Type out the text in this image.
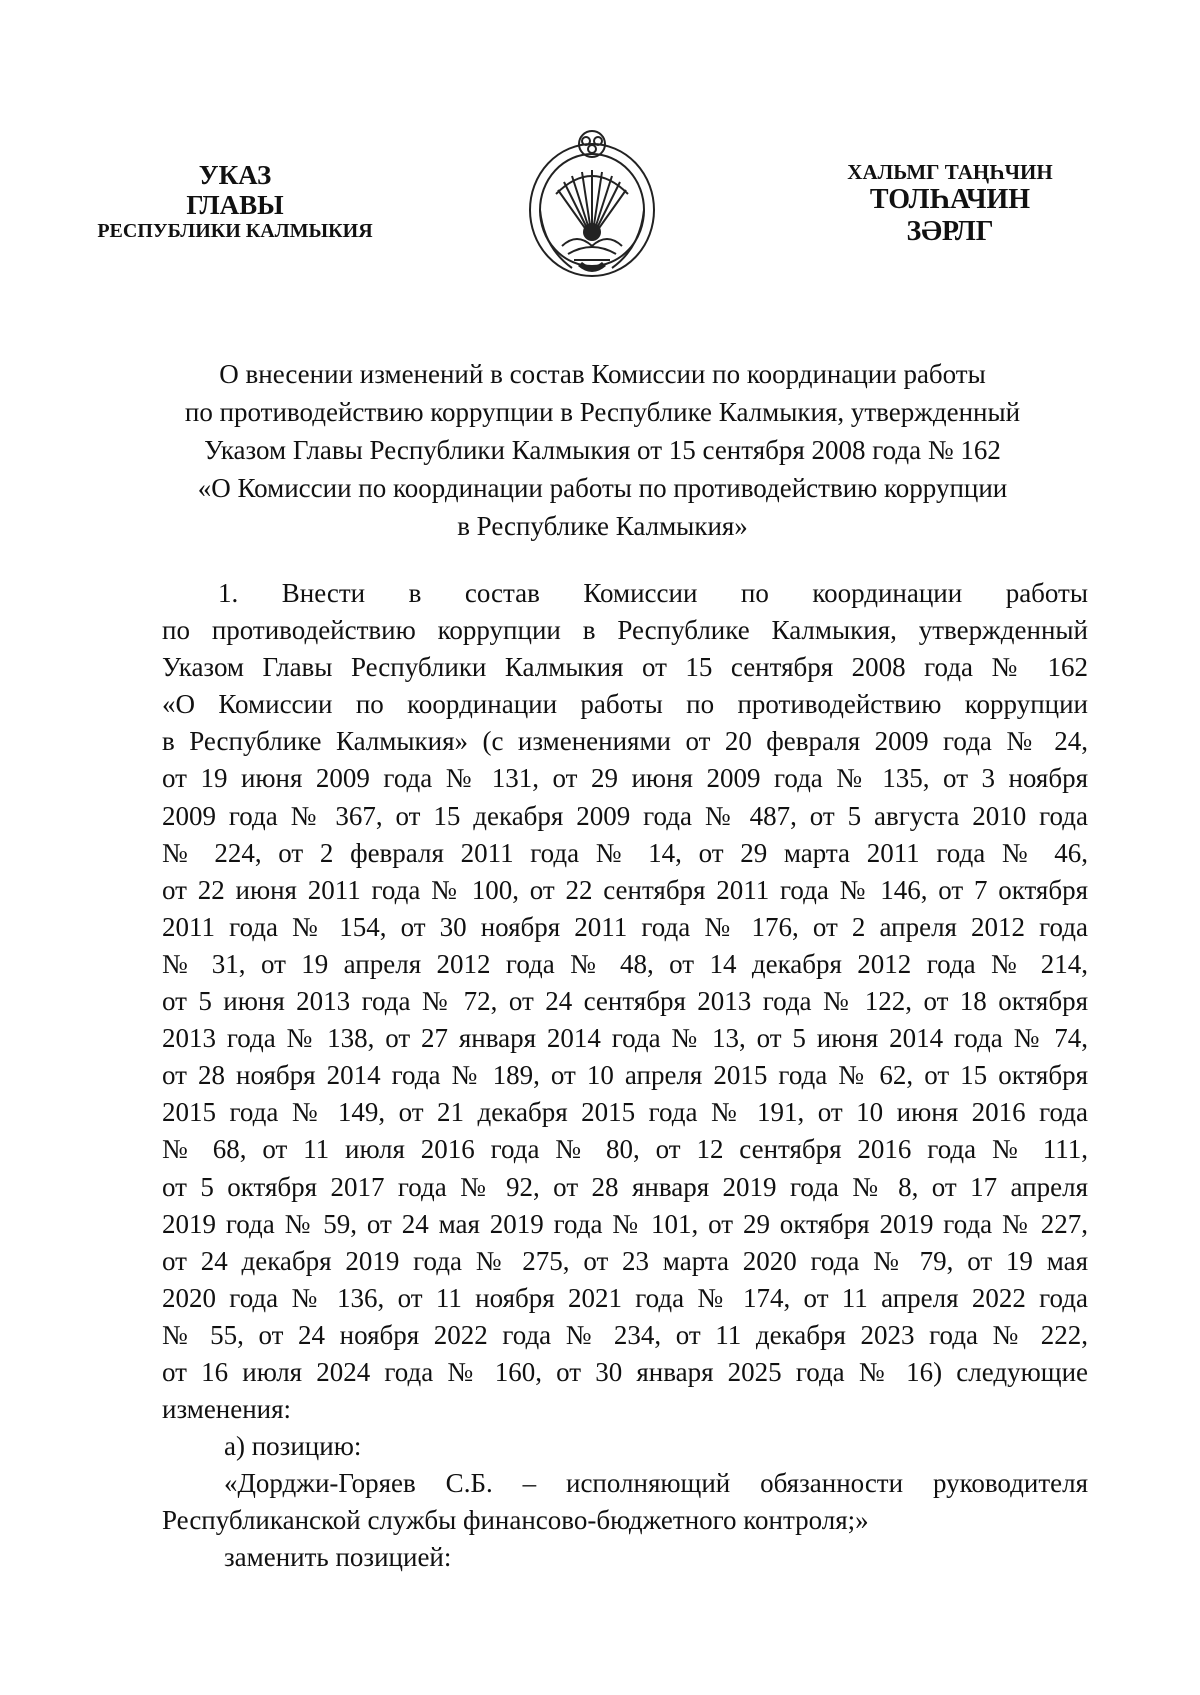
УКАЗ
ГЛАВЫ
РЕСПУБЛИКИ КАЛМЫКИЯ
ХАЛЬМГ ТАҢҺЧИН
ТОЛҺАЧИН
ЗӘРЛГ
О внесении изменений в состав Комиссии по координации работы
по противодействию коррупции в Республике Калмыкия, утвержденный
Указом Главы Республики Калмыкия от 15 сентября 2008 года № 162
«О Комиссии по координации работы по противодействию коррупции
в Республике Калмыкия»
1. Внести в состав Комиссии по координации работы
по противодействию коррупции в Республике Калмыкия, утвержденный
Указом Главы Республики Калмыкия от 15 сентября 2008 года № 162
«О Комиссии по координации работы по противодействию коррупции
в Республике Калмыкия» (с изменениями от 20 февраля 2009 года № 24,
от 19 июня 2009 года № 131, от 29 июня 2009 года № 135, от 3 ноября
2009 года № 367, от 15 декабря 2009 года № 487, от 5 августа 2010 года
№ 224, от 2 февраля 2011 года № 14, от 29 марта 2011 года № 46,
от 22 июня 2011 года № 100, от 22 сентября 2011 года № 146, от 7 октября
2011 года № 154, от 30 ноября 2011 года № 176, от 2 апреля 2012 года
№ 31, от 19 апреля 2012 года № 48, от 14 декабря 2012 года № 214,
от 5 июня 2013 года № 72, от 24 сентября 2013 года № 122, от 18 октября
2013 года № 138, от 27 января 2014 года № 13, от 5 июня 2014 года № 74,
от 28 ноября 2014 года № 189, от 10 апреля 2015 года № 62, от 15 октября
2015 года № 149, от 21 декабря 2015 года № 191, от 10 июня 2016 года
№ 68, от 11 июля 2016 года № 80, от 12 сентября 2016 года № 111,
от 5 октября 2017 года № 92, от 28 января 2019 года № 8, от 17 апреля
2019 года № 59, от 24 мая 2019 года № 101, от 29 октября 2019 года № 227,
от 24 декабря 2019 года № 275, от 23 марта 2020 года № 79, от 19 мая
2020 года № 136, от 11 ноября 2021 года № 174, от 11 апреля 2022 года
№ 55, от 24 ноября 2022 года № 234, от 11 декабря 2023 года № 222,
от 16 июля 2024 года № 160, от 30 января 2025 года № 16) следующие
изменения:
а) позицию:
«Дорджи-Горяев С.Б. – исполняющий обязанности руководителя
Республиканской службы финансово-бюджетного контроля;»
заменить позицией:
